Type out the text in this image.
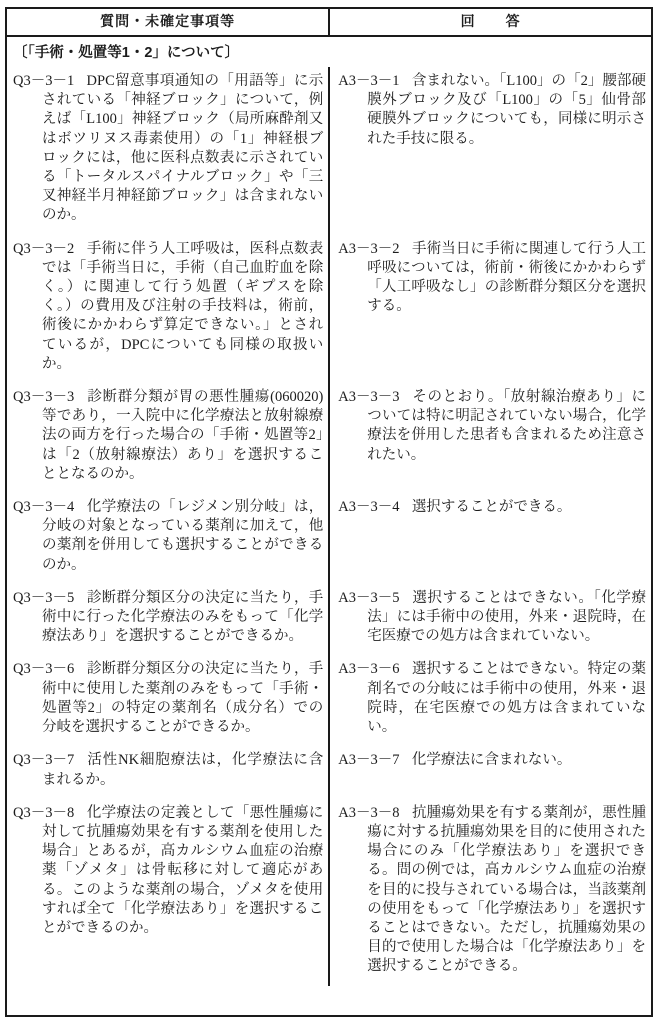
質問・未確定事項等	回　　答
〔「手術・処置等1・2」について〕

Q3－3－1 DPC留意事項通知の「用語等」に示されている「神経ブロック」について，例えば「L100」神経ブロック（局所麻酔剤又はボツリヌス毒素使用）の「1」神経根ブロックには，他に医科点数表に示されている「トータルスパイナルブロック」や「三叉神経半月神経節ブロック」は含まれないのか。

A3－3－1 含まれない。「L100」の「2」腰部硬膜外ブロック及び「L100」の「5」仙骨部硬膜外ブロックについても，同様に明示された手技に限る。

Q3－3－2 手術に伴う人工呼吸は，医科点数表では「手術当日に，手術（自己血貯血を除く。）に関連して行う処置（ギプスを除く。）の費用及び注射の手技料は，術前，術後にかかわらず算定できない。」とされているが，DPCについても同様の取扱いか。

A3－3－2 手術当日に手術に関連して行う人工呼吸については，術前・術後にかかわらず「人工呼吸なし」の診断群分類区分を選択する。

Q3－3－3 診断群分類が胃の悪性腫瘍(060020)等であり，一入院中に化学療法と放射線療法の両方を行った場合の「手術・処置等2」は「2（放射線療法）あり」を選択することとなるのか。

A3－3－3 そのとおり。「放射線治療あり」については特に明記されていない場合，化学療法を併用した患者も含まれるため注意されたい。

Q3－3－4 化学療法の「レジメン別分岐」は，分岐の対象となっている薬剤に加えて，他の薬剤を併用しても選択することができるのか。

A3－3－4 選択することができる。

Q3－3－5 診断群分類区分の決定に当たり，手術中に行った化学療法のみをもって「化学療法あり」を選択することができるか。

A3－3－5 選択することはできない。「化学療法」には手術中の使用，外来・退院時，在宅医療での処方は含まれていない。

Q3－3－6 診断群分類区分の決定に当たり，手術中に使用した薬剤のみをもって「手術・処置等2」の特定の薬剤名（成分名）での分岐を選択することができるか。

A3－3－6 選択することはできない。特定の薬剤名での分岐には手術中の使用，外来・退院時，在宅医療での処方は含まれていない。

Q3－3－7 活性NK細胞療法は，化学療法に含まれるか。

A3－3－7 化学療法に含まれない。

Q3－3－8 化学療法の定義として「悪性腫瘍に対して抗腫瘍効果を有する薬剤を使用した場合」とあるが，高カルシウム血症の治療薬「ゾメタ」は骨転移に対して適応がある。このような薬剤の場合，ゾメタを使用すれば全て「化学療法あり」を選択することができるのか。

A3－3－8 抗腫瘍効果を有する薬剤が，悪性腫瘍に対する抗腫瘍効果を目的に使用された場合にのみ「化学療法あり」を選択できる。問の例では，高カルシウム血症の治療を目的に投与されている場合は，当該薬剤の使用をもって「化学療法あり」を選択することはできない。ただし，抗腫瘍効果の目的で使用した場合は「化学療法あり」を選択することができる。
